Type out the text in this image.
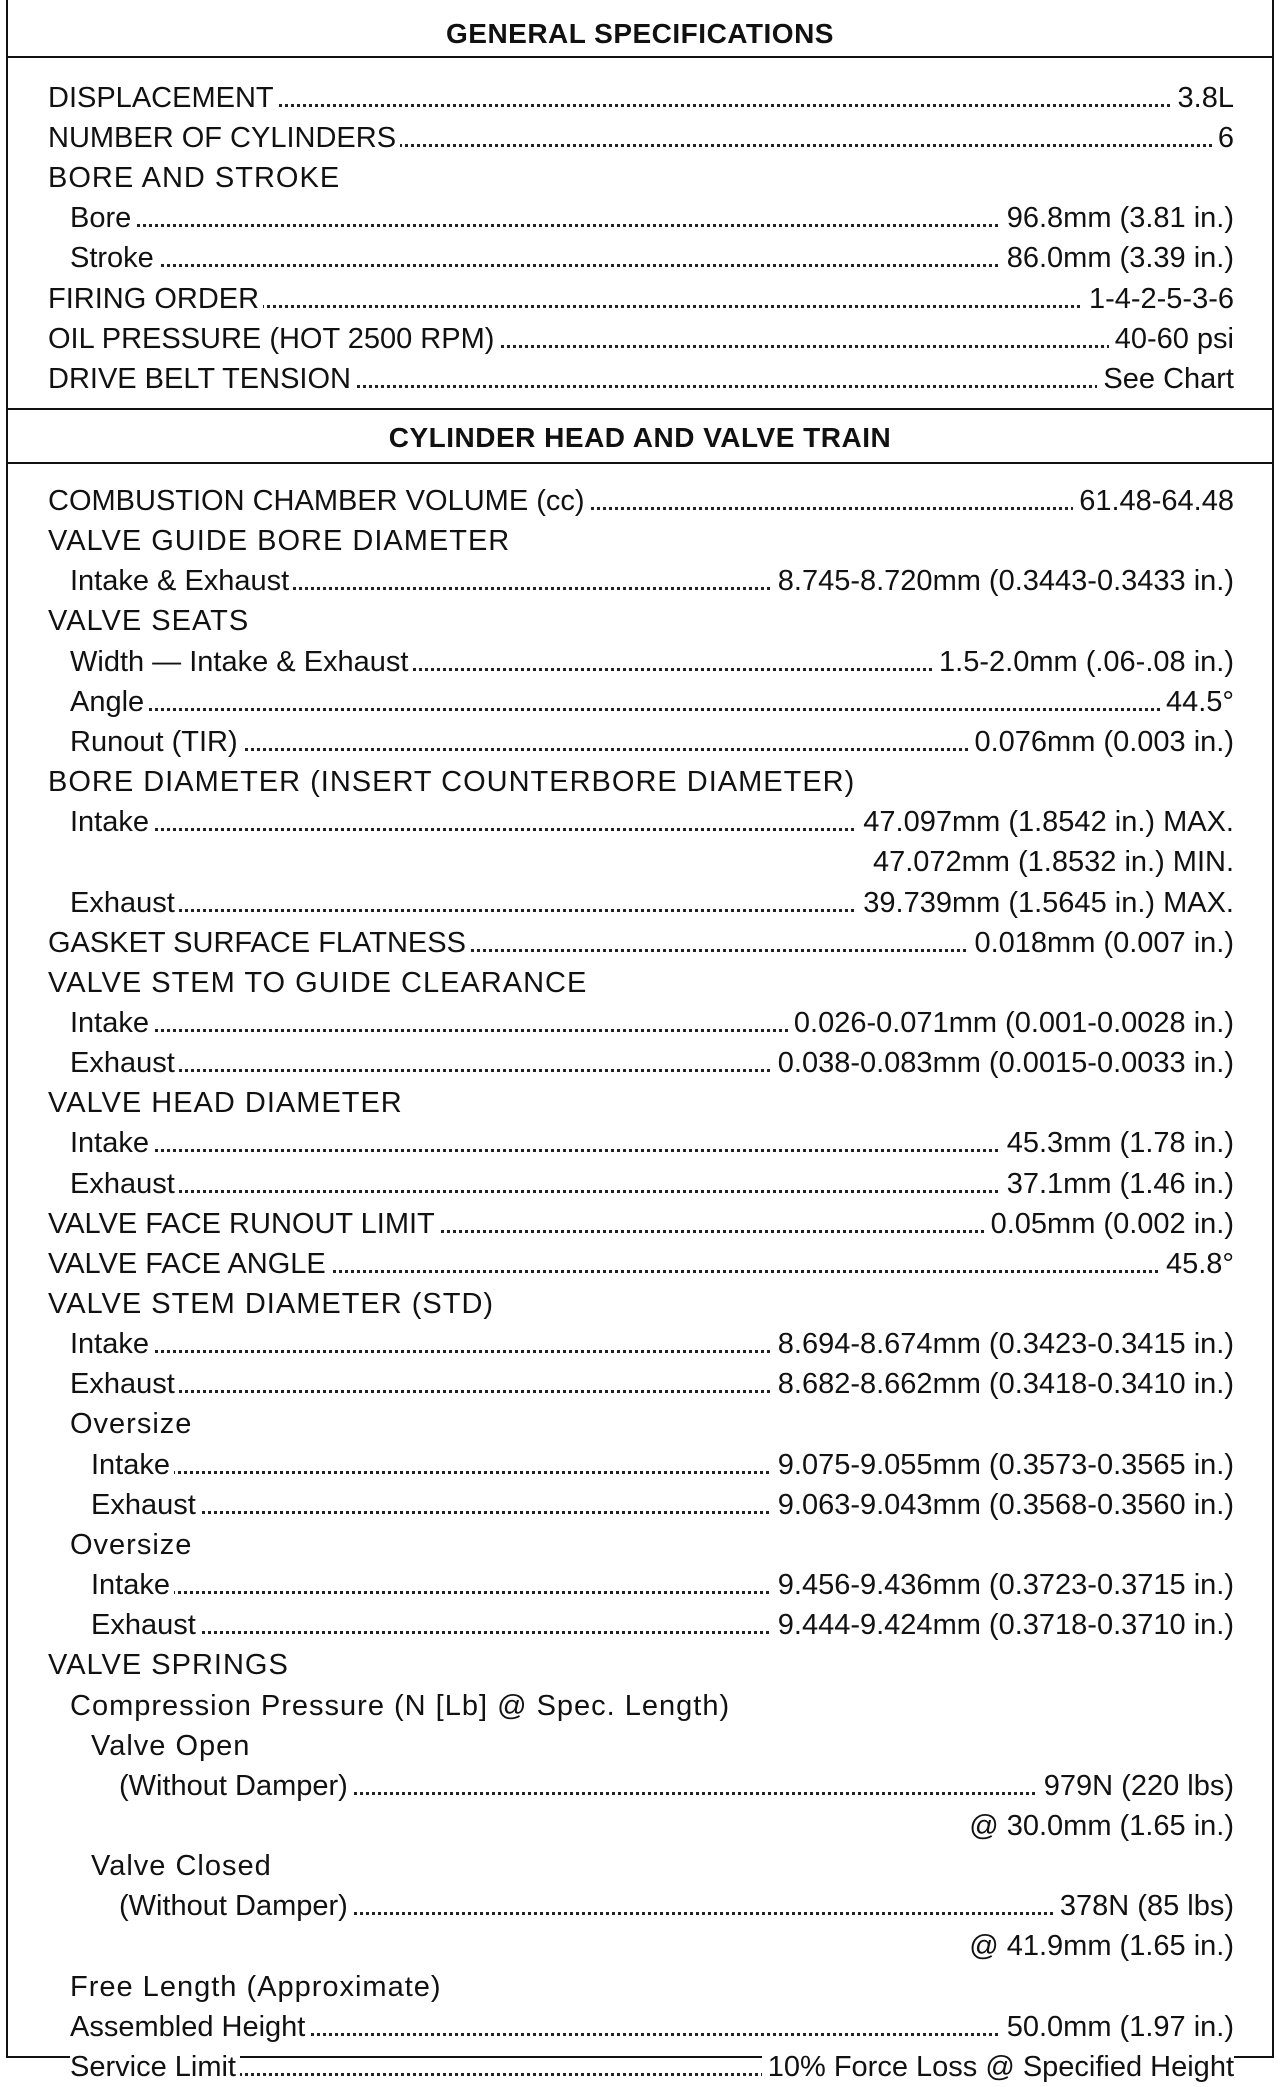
GENERAL SPECIFICATIONS
DISPLACEMENT	3.8L
NUMBER OF CYLINDERS	6
BORE AND STROKE
Bore	96.8mm (3.81 in.)
Stroke	86.0mm (3.39 in.)
FIRING ORDER	1-4-2-5-3-6
OIL PRESSURE (HOT 2500 RPM)	40-60 psi
DRIVE BELT TENSION	See Chart
CYLINDER HEAD AND VALVE TRAIN
COMBUSTION CHAMBER VOLUME (cc)	61.48-64.48
VALVE GUIDE BORE DIAMETER
Intake & Exhaust	8.745-8.720mm (0.3443-0.3433 in.)
VALVE SEATS
Width — Intake & Exhaust	1.5-2.0mm (.06-.08 in.)
Angle	44.5°
Runout (TIR)	0.076mm (0.003 in.)
BORE DIAMETER (INSERT COUNTERBORE DIAMETER)
Intake	47.097mm (1.8542 in.) MAX.
47.072mm (1.8532 in.) MIN.
Exhaust	39.739mm (1.5645 in.) MAX.
GASKET SURFACE FLATNESS	0.018mm (0.007 in.)
VALVE STEM TO GUIDE CLEARANCE
Intake	0.026-0.071mm (0.001-0.0028 in.)
Exhaust	0.038-0.083mm (0.0015-0.0033 in.)
VALVE HEAD DIAMETER
Intake	45.3mm (1.78 in.)
Exhaust	37.1mm (1.46 in.)
VALVE FACE RUNOUT LIMIT	0.05mm (0.002 in.)
VALVE FACE ANGLE	45.8°
VALVE STEM DIAMETER (STD)
Intake	8.694-8.674mm (0.3423-0.3415 in.)
Exhaust	8.682-8.662mm (0.3418-0.3410 in.)
Oversize
Intake	9.075-9.055mm (0.3573-0.3565 in.)
Exhaust	9.063-9.043mm (0.3568-0.3560 in.)
Oversize
Intake	9.456-9.436mm (0.3723-0.3715 in.)
Exhaust	9.444-9.424mm (0.3718-0.3710 in.)
VALVE SPRINGS
Compression Pressure (N [Lb] @ Spec. Length)
Valve Open
(Without Damper)	979N (220 lbs)
@ 30.0mm (1.65 in.)
Valve Closed
(Without Damper)	378N (85 lbs)
@ 41.9mm (1.65 in.)
Free Length (Approximate)
Assembled Height	50.0mm (1.97 in.)
Service Limit	10% Force Loss @ Specified Height
